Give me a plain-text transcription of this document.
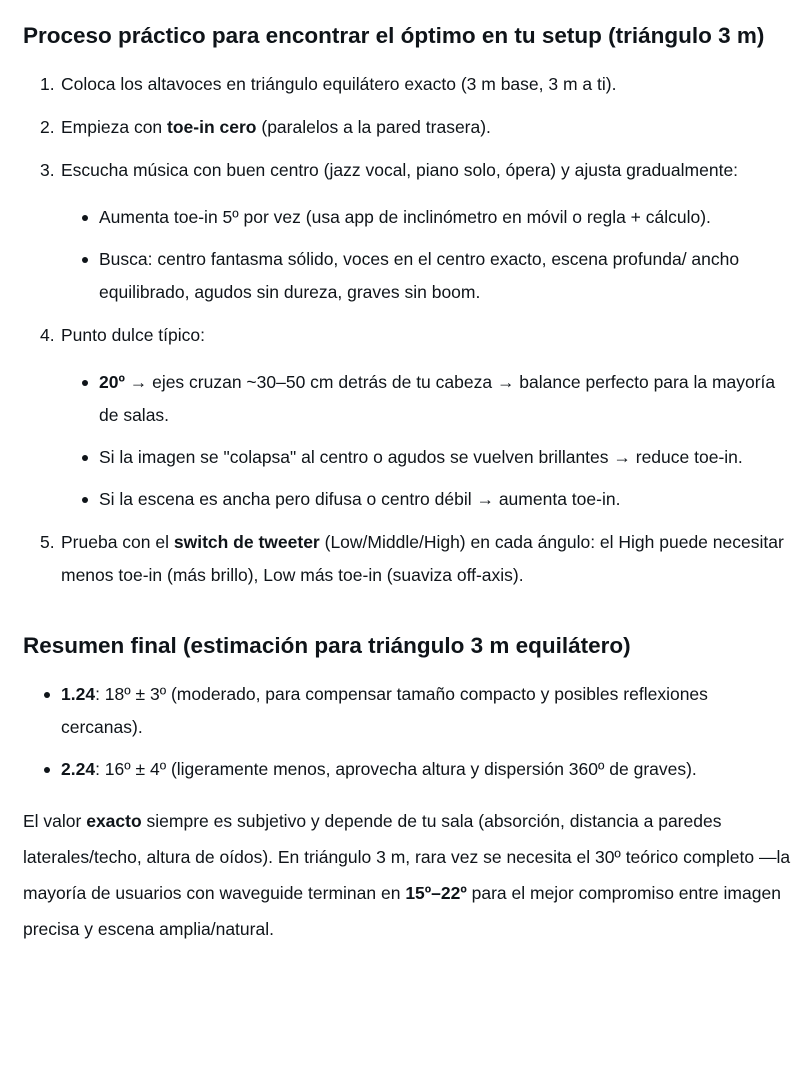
Proceso práctico para encontrar el óptimo en tu setup (triángulo 3 m)
1. Coloca los altavoces en triángulo equilátero exacto (3 m base, 3 m a ti).
2. Empieza con toe-in cero (paralelos a la pared trasera).
3. Escucha música con buen centro (jazz vocal, piano solo, ópera) y ajusta gradualmente:
Aumenta toe-in 5º por vez (usa app de inclinómetro en móvil o regla + cálculo).
Busca: centro fantasma sólido, voces en el centro exacto, escena profunda/ ancho equilibrado, agudos sin dureza, graves sin boom.
4. Punto dulce típico:
20º → ejes cruzan ~30–50 cm detrás de tu cabeza → balance perfecto para la mayoría de salas.
Si la imagen se "colapsa" al centro o agudos se vuelven brillantes → reduce toe-in.
Si la escena es ancha pero difusa o centro débil → aumenta toe-in.
5. Prueba con el switch de tweeter (Low/Middle/High) en cada ángulo: el High puede necesitar menos toe-in (más brillo), Low más toe-in (suaviza off-axis).
Resumen final (estimación para triángulo 3 m equilátero)
1.24: 18º ± 3º (moderado, para compensar tamaño compacto y posibles reflexiones cercanas).
2.24: 16º ± 4º (ligeramente menos, aprovecha altura y dispersión 360º de graves).

El valor exacto siempre es subjetivo y depende de tu sala (absorción, distancia a paredes laterales/techo, altura de oídos). En triángulo 3 m, rara vez se necesita el 30º teórico completo —la mayoría de usuarios con waveguide terminan en 15º–22º para el mejor compromiso entre imagen precisa y escena amplia/natural.
